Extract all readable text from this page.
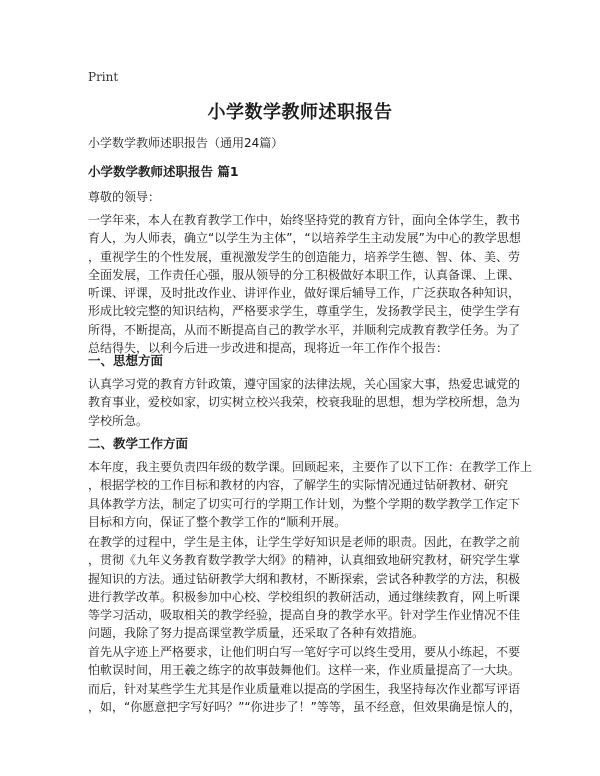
Print
小学数学教师述职报告
小学数学教师述职报告（通用24篇）
小学数学教师述职报告 篇1
尊敬的领导：
一学年来，本人在教育教学工作中，始终坚持党的教育方针，面向全体学生，教书
育人，为人师表，确立“以学生为主体”，“以培养学生主动发展”为中心的教学思想
，重视学生的个性发展，重视激发学生的创造能力，培养学生德、智、体、美、劳
全面发展，工作责任心强，服从领导的分工积极做好本职工作，认真备课、上课、
听课、评课，及时批改作业、讲评作业，做好课后辅导工作，广泛获取各种知识，
形成比较完整的知识结构，严格要求学生，尊重学生，发扬教学民主，使学生学有
所得，不断提高，从而不断提高自己的教学水平，并顺利完成教育教学任务。为了
总结得失，以利今后进一步改进和提高，现将近一年工作作个报告：
一、思想方面
认真学习党的教育方针政策，遵守国家的法律法规，关心国家大事，热爱忠诚党的
教育事业，爱校如家，切实树立校兴我荣，校衰我耻的思想，想为学校所想，急为
学校所急。
二、教学工作方面
本年度，我主要负责四年级的数学课。回顾起来，主要作了以下工作：在教学工作上
，根据学校的工作目标和教材的内容，了解学生的实际情况通过钻研教材、研究
具体教学方法，制定了切实可行的学期工作计划，为整个学期的数学教学工作定下
目标和方向，保证了整个教学工作的“顺利开展。
在教学的过程中，学生是主体，让学生学好知识是老师的职责。因此，在教学之前
，贯彻《九年义务教育数学教学大纲》的精神，认真细致地研究教材，研究学生掌
握知识的方法。通过钻研教学大纲和教材，不断探索，尝试各种教学的方法，积极
进行教学改革。积极参加中心校、学校组织的教研活动，通过继续教育，网上听课
等学习活动，吸取相关的教学经验，提高自身的教学水平。针对学生作业情况不佳
问题，我除了努力提高课堂教学质量，还采取了各种有效措施。
首先从字迹上严格要求，让他们明白写一笔好字可以终生受用，要从小练起，不要
怕軟误时间，用王羲之练字的故事鼓舞他们。这样一来，作业质量提高了一大块。
而后，针对某些学生尤其是作业质量难以提高的学困生，我坚持每次作业都写评语
，如，“你愿意把字写好吗？”“你进步了！”等等，虽不经意，但效果确是惊人的，
